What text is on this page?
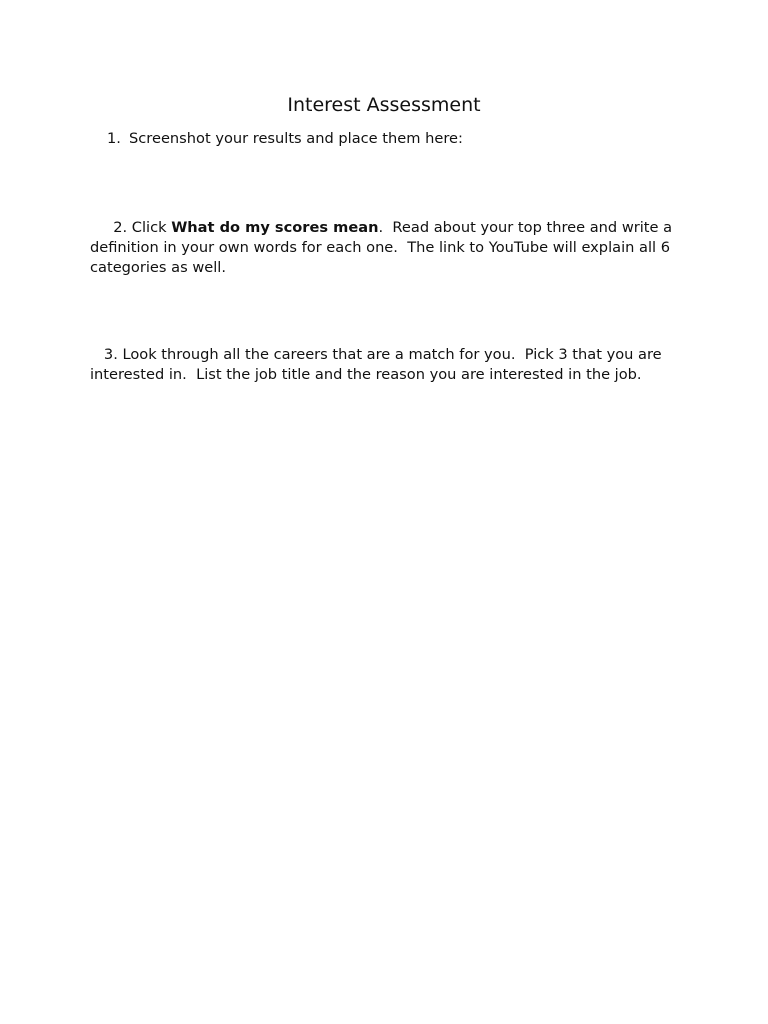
Interest Assessment
1. Screenshot your results and place them here:
2. Click What do my scores mean.  Read about your top three and write a definition in your own words for each one.  The link to YouTube will explain all 6 categories as well.
3. Look through all the careers that are a match for you.  Pick 3 that you are interested in.  List the job title and the reason you are interested in the job.
